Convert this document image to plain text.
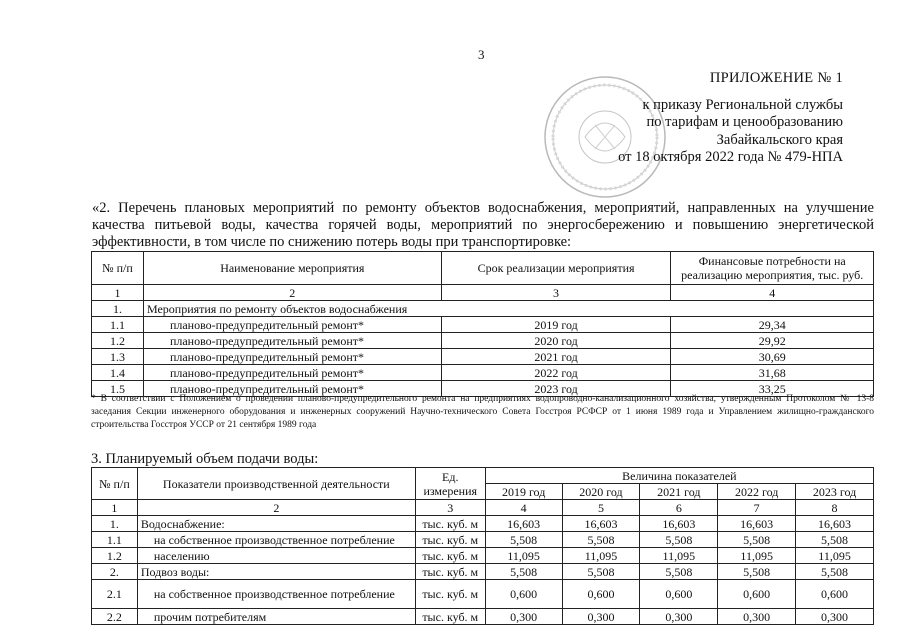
3
ПРИЛОЖЕНИЕ № 1
к приказу Региональной службы
по тарифам и ценообразованию
Забайкальского края
от 18 октября 2022 года № 479-НПА
«2. Перечень плановых мероприятий по ремонту объектов водоснабжения, мероприятий, направленных на улучшение качества питьевой воды, качества горячей воды, мероприятий по энергосбережению и повышению энергетической эффективности, в том числе по снижению потерь воды при транспортировке:
№ п/п	Наименование мероприятия	Срок реализации мероприятия	Финансовые потребности на реализацию мероприятия, тыс. руб.
1	2	3	4
1.	Мероприятия по ремонту объектов водоснабжения		
1.1	планово-предупредительный ремонт*	2019 год	29,34
1.2	планово-предупредительный ремонт*	2020 год	29,92
1.3	планово-предупредительный ремонт*	2021 год	30,69
1.4	планово-предупредительный ремонт*	2022 год	31,68
1.5	планово-предупредительный ремонт*	2023 год	33,25
* В соответствии с Положением о проведении планово-предупредительного ремонта на предприятиях водопроводно-канализационного хозяйства, утвержденным Протоколом № 13-8 заседания Секции инженерного оборудования и инженерных сооружений Научно-технического Совета Госстроя РСФСР от 1 июня 1989 года и Управлением жилищно-гражданского строительства Госстроя УССР от 21 сентября 1989 года
3. Планируемый объем подачи воды:
№ п/п	Показатели производственной деятельности	Ед. измерения	Величина показателей				
			2019 год	2020 год	2021 год	2022 год	2023 год
1	2	3	4	5	6	7	8
1.	Водоснабжение:	тыс. куб. м	16,603	16,603	16,603	16,603	16,603
1.1	на собственное производственное потребление	тыс. куб. м	5,508	5,508	5,508	5,508	5,508
1.2	населению	тыс. куб. м	11,095	11,095	11,095	11,095	11,095
2.	Подвоз воды:	тыс. куб. м	5,508	5,508	5,508	5,508	5,508
2.1	на собственное производственное потребление	тыс. куб. м	0,600	0,600	0,600	0,600	0,600
2.2	прочим потребителям	тыс. куб. м	0,300	0,300	0,300	0,300	0,300
